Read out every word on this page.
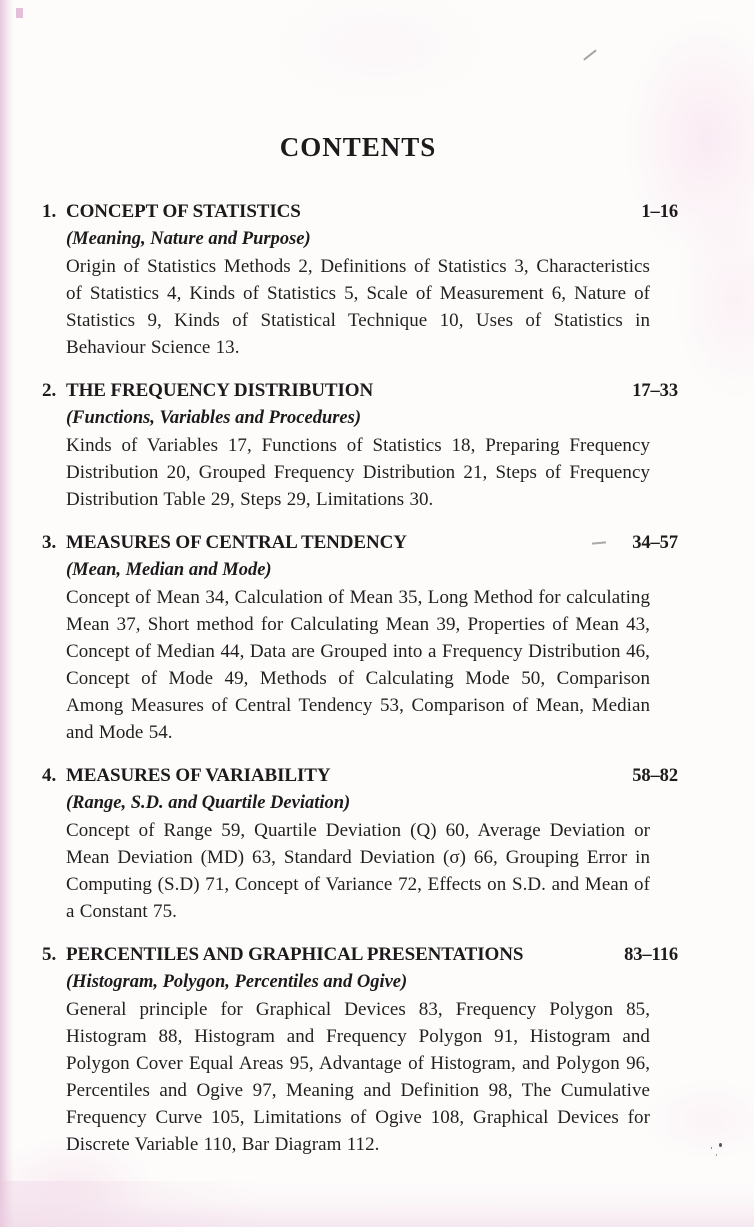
CONTENTS
1. CONCEPT OF STATISTICS	1–16
(Meaning, Nature and Purpose)
Origin of Statistics Methods 2, Definitions of Statistics 3, Characteristics of Statistics 4, Kinds of Statistics 5, Scale of Measurement 6, Nature of Statistics 9, Kinds of Statistical Technique 10, Uses of Statistics in Behaviour Science 13.
2. THE FREQUENCY DISTRIBUTION	17–33
(Functions, Variables and Procedures)
Kinds of Variables 17, Functions of Statistics 18, Preparing Frequency Distribution 20, Grouped Frequency Distribution 21, Steps of Frequency Distribution Table 29, Steps 29, Limitations 30.
3. MEASURES OF CENTRAL TENDENCY	34–57
(Mean, Median and Mode)
Concept of Mean 34, Calculation of Mean 35, Long Method for calculating Mean 37, Short method for Calculating Mean 39, Properties of Mean 43, Concept of Median 44, Data are Grouped into a Frequency Distribution 46, Concept of Mode 49, Methods of Calculating Mode 50, Comparison Among Measures of Central Tendency 53, Comparison of Mean, Median and Mode 54.
4. MEASURES OF VARIABILITY	58–82
(Range, S.D. and Quartile Deviation)
Concept of Range 59, Quartile Deviation (Q) 60, Average Deviation or Mean Deviation (MD) 63, Standard Deviation (σ) 66, Grouping Error in Computing (S.D) 71, Concept of Variance 72, Effects on S.D. and Mean of a Constant 75.
5. PERCENTILES AND GRAPHICAL PRESENTATIONS	83–116
(Histogram, Polygon, Percentiles and Ogive)
General principle for Graphical Devices 83, Frequency Polygon 85, Histogram 88, Histogram and Frequency Polygon 91, Histogram and Polygon Cover Equal Areas 95, Advantage of Histogram, and Polygon 96, Percentiles and Ogive 97, Meaning and Definition 98, The Cumulative Frequency Curve 105, Limitations of Ogive 108, Graphical Devices for Discrete Variable 110, Bar Diagram 112.
